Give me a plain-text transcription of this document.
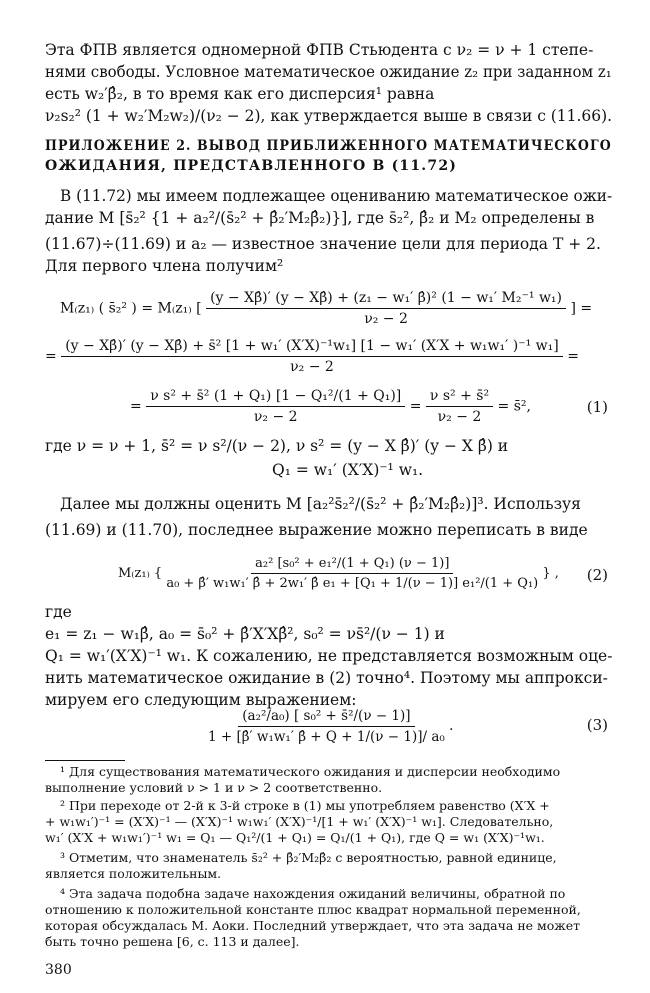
Эта ФПВ является одномерной ФПВ Стьюдента с ν₂ = ν + 1 степе-
нями свободы. Условное математическое ожидание z₂ при заданном z₁
есть w₂′β̂₂, в то время как его дисперсия¹ равна
ν₂s₂² (1 + w₂′M₂w₂)/(ν₂ − 2), как утверждается выше в связи с (11.66).
ПРИЛОЖЕНИЕ 2. ВЫВОД ПРИБЛИЖЕННОГО МАТЕМАТИЧЕСКОГО
ОЖИДАНИЯ, ПРЕДСТАВЛЕННОГО В (11.72)
В (11.72) мы имеем подлежащее оцениванию математическое ожи-
дание M [s̄₂² {1 + a₂²/(s̄₂² + β̂₂′M₂β̂₂)}], где s̄₂², β̂₂ и M₂ определены в
(11.67)÷(11.69) и a₂ — известное значение цели для периода T + 2.
Для первого члена получим²
M₍z₁₎ ( s̄₂² ) = M₍z₁₎ [ $\frac{\text{(y − Xβ̂)′ (y − Xβ̂) + (z₁ − w₁′ β̂)² (1 − w₁′ M₂⁻¹ w₁)}}{\text{ν₂ − 2}}$ ] =
=
(y − Xβ̂)′ (y − Xβ̂) + s̄² [1 + w₁′ (X′X)⁻¹w₁] [1 − w₁′ (X′X + w₁w₁′ )⁻¹ w₁]
ν₂ − 2
=
= $\frac{\text{ν s² + s̄² (1 + Q₁) [1 − Q₁²/(1 + Q₁)]}}{\text{ν₂ − 2}} = \frac{\text{ν s² + s̄²}}{\text{ν₂ − 2}}$ = s̄²,	(1)
где ν = ν + 1, s̄² = ν s²/(ν − 2), ν s² = (y − X β̂)′ (y − X β̂) и
Q₁ = w₁′ (X′X)⁻¹ w₁.
Далее мы должны оценить M [a₂²s̄₂²/(s̄₂² + β̂₂′M₂β̂₂)]³. Используя
(11.69) и (11.70), последнее выражение можно переписать в виде
M₍z₁₎ {
a₂² [s₀² + e₁²/(1 + Q₁) (ν − 1)]
a₀ + β̂′ w₁w₁′ β̂ + 2w₁′ β̂ e₁ + [Q₁ + 1/(ν − 1)] e₁²/(1 + Q₁)
} , (2)
где
e₁ = z₁ − w₁β̂, a₀ = s̄₀² + β̂′X′Xβ̂², s₀² = νs̄²/(ν − 1) и
Q₁ = w₁′(X′X)⁻¹ w₁. К сожалению, не представляется возможным оце-
нить математическое ожидание в (2) точно⁴. Поэтому мы аппрокси-
мируем его следующим выражением:
$\frac{\text{(a₂²/a₀) [ s₀² + s̄²/(ν − 1)]}}{\text{1 + [β̂′ w₁w₁′ β̂ + Q + 1/(ν − 1)]/ a₀}}$ .	(3)
¹ Для существования математического ожидания и дисперсии необходимо
выполнение условий ν > 1 и ν > 2 соответственно.
² При переходе от 2-й к 3-й строке в (1) мы употребляем равенство (X′X +
+ w₁w₁′)⁻¹ = (X′X)⁻¹ — (X′X)⁻¹ w₁w₁′ (X′X)⁻¹/[1 + w₁′ (X′X)⁻¹ w₁]. Следовательно,
w₁′ (X′X + w₁w₁′)⁻¹ w₁ = Q₁ — Q₁²/(1 + Q₁) = Q₁/(1 + Q₁), где Q = w₁ (X′X)⁻¹w₁.
³ Отметим, что знаменатель s̄₂² + β̂₂′M₂β̂₂ с вероятностью, равной единице,
является положительным.
⁴ Эта задача подобна задаче нахождения ожиданий величины, обратной по
отношению к положительной константе плюс квадрат нормальной переменной,
которая обсуждалась М. Аоки. Последний утверждает, что эта задача не может
быть точно решена [6, с. 113 и далее].
380
